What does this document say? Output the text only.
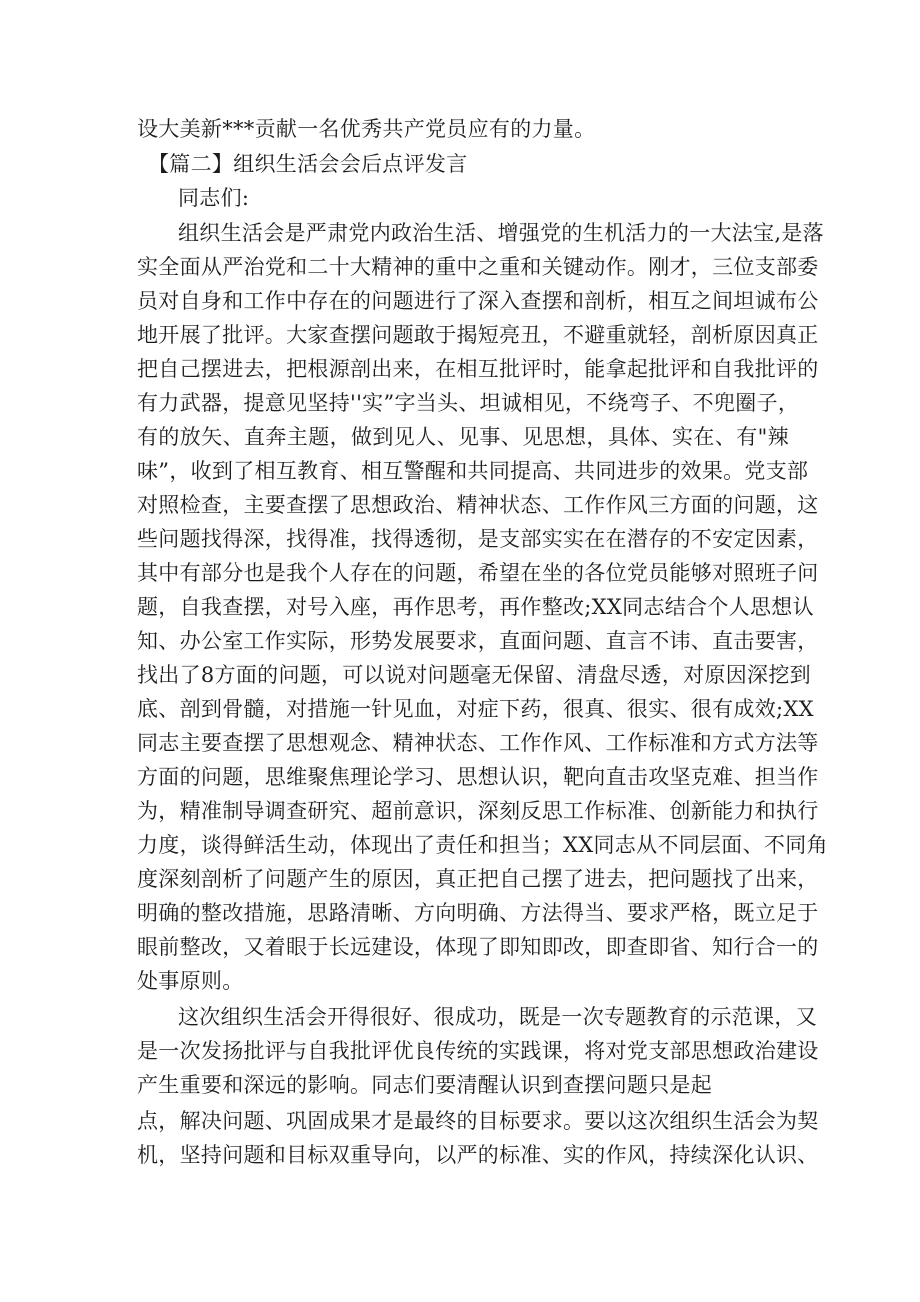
设大美新***贡献一名优秀共产党员应有的力量。
【篇二】组织生活会会后点评发言
同志们:
组织生活会是严肃党内政治生活、增强党的生机活力的一大法宝,是落
实全面从严治党和二十大精神的重中之重和关键动作。刚才，三位支部委
员对自身和工作中存在的问题进行了深入查摆和剖析，相互之间坦诚布公
地开展了批评。大家查摆问题敢于揭短亮丑，不避重就轻，剖析原因真正
把自己摆进去，把根源剖出来，在相互批评时，能拿起批评和自我批评的
有力武器，提意见坚持''实”字当头、坦诚相见，不绕弯子、不兜圈子，
有的放矢、直奔主题，做到见人、见事、见思想，具体、实在、有"辣
味”，收到了相互教育、相互警醒和共同提高、共同进步的效果。党支部
对照检查，主要查摆了思想政治、精神状态、工作作风三方面的问题，这
些问题找得深，找得准，找得透彻，是支部实实在在潜存的不安定因素，
其中有部分也是我个人存在的问题，希望在坐的各位党员能够对照班子问
题，自我查摆，对号入座，再作思考，再作整改;XX同志结合个人思想认
知、办公室工作实际，形势发展要求，直面问题、直言不讳、直击要害，
找出了8方面的问题，可以说对问题毫无保留、清盘尽透，对原因深挖到
底、剖到骨髓，对措施一针见血，对症下药，很真、很实、很有成效;XX
同志主要查摆了思想观念、精神状态、工作作风、工作标准和方式方法等
方面的问题，思维聚焦理论学习、思想认识，靶向直击攻坚克难、担当作
为，精准制导调查研究、超前意识，深刻反思工作标准、创新能力和执行
力度，谈得鲜活生动，体现出了责任和担当；XX同志从不同层面、不同角
度深刻剖析了问题产生的原因，真正把自己摆了进去，把问题找了出来，
明确的整改措施，思路清晰、方向明确、方法得当、要求严格，既立足于
眼前整改，又着眼于长远建设，体现了即知即改，即查即省、知行合一的
处事原则。
这次组织生活会开得很好、很成功，既是一次专题教育的示范课，又
是一次发扬批评与自我批评优良传统的实践课，将对党支部思想政治建设
产生重要和深远的影响。同志们要清醒认识到查摆问题只是起
点，解决问题、巩固成果才是最终的目标要求。要以这次组织生活会为契
机，坚持问题和目标双重导向，以严的标准、实的作风，持续深化认识、
